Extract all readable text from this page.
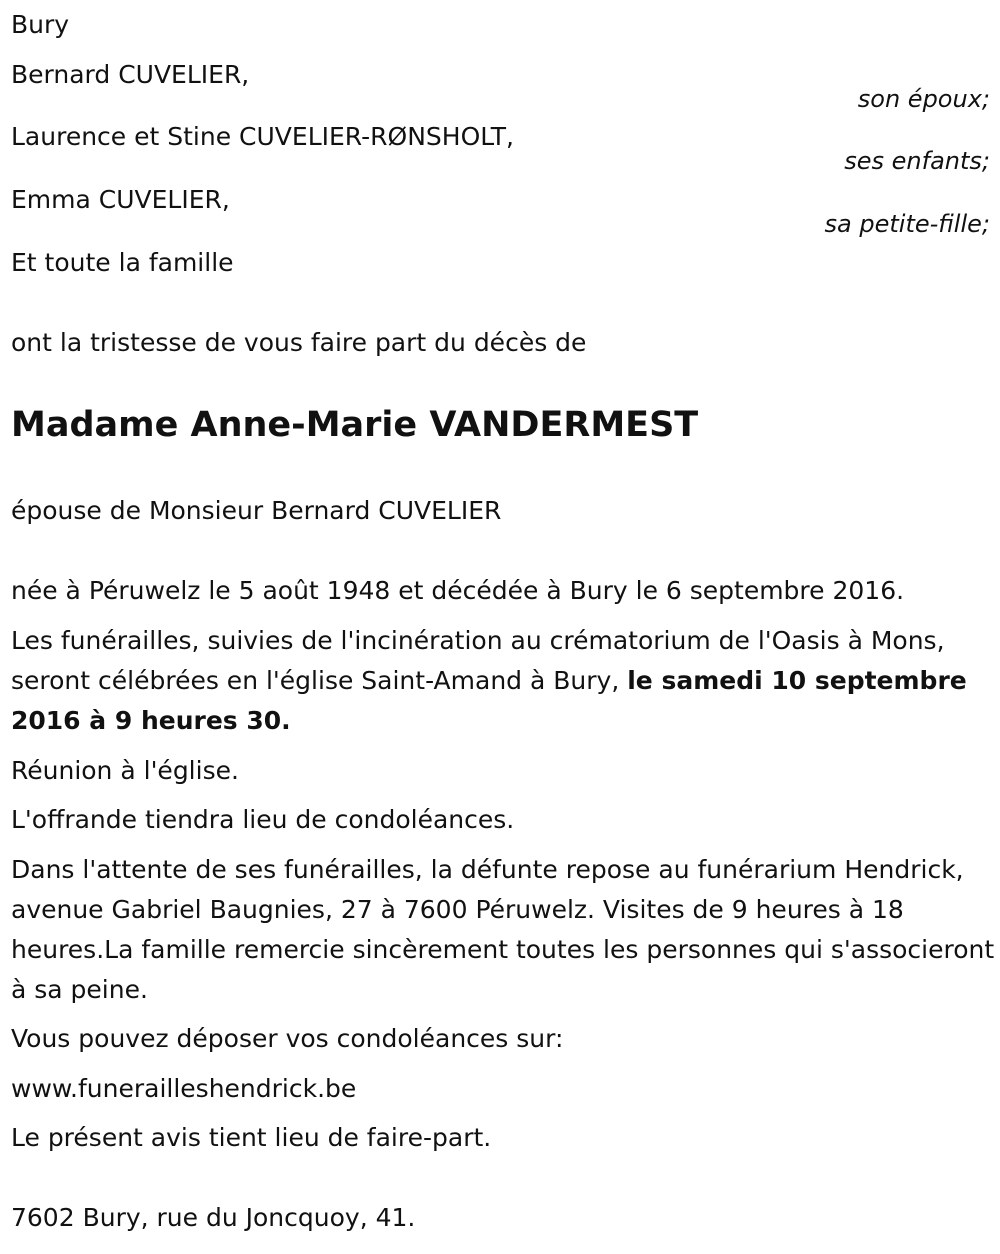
Bury
Bernard CUVELIER,
son époux;
Laurence et Stine CUVELIER-RØNSHOLT,
ses enfants;
Emma CUVELIER,
sa petite-fille;
Et toute la famille
ont la tristesse de vous faire part du décès de
Madame Anne-Marie VANDERMEST
épouse de Monsieur Bernard CUVELIER
née à Péruwelz le 5 août 1948 et décédée à Bury le 6 septembre 2016.
Les funérailles, suivies de l'incinération au crématorium de l'Oasis à Mons, seront célébrées en l'église Saint-Amand à Bury, le samedi 10 septembre 2016 à 9 heures 30.
Réunion à l'église.
L'offrande tiendra lieu de condoléances.
Dans l'attente de ses funérailles, la défunte repose au funérarium Hendrick, avenue Gabriel Baugnies, 27 à 7600 Péruwelz. Visites de 9 heures à 18 heures.La famille remercie sincèrement toutes les personnes qui s'associeront à sa peine.
Vous pouvez déposer vos condoléances sur:
www.funerailleshendrick.be
Le présent avis tient lieu de faire-part.
7602 Bury, rue du Joncquoy, 41.
